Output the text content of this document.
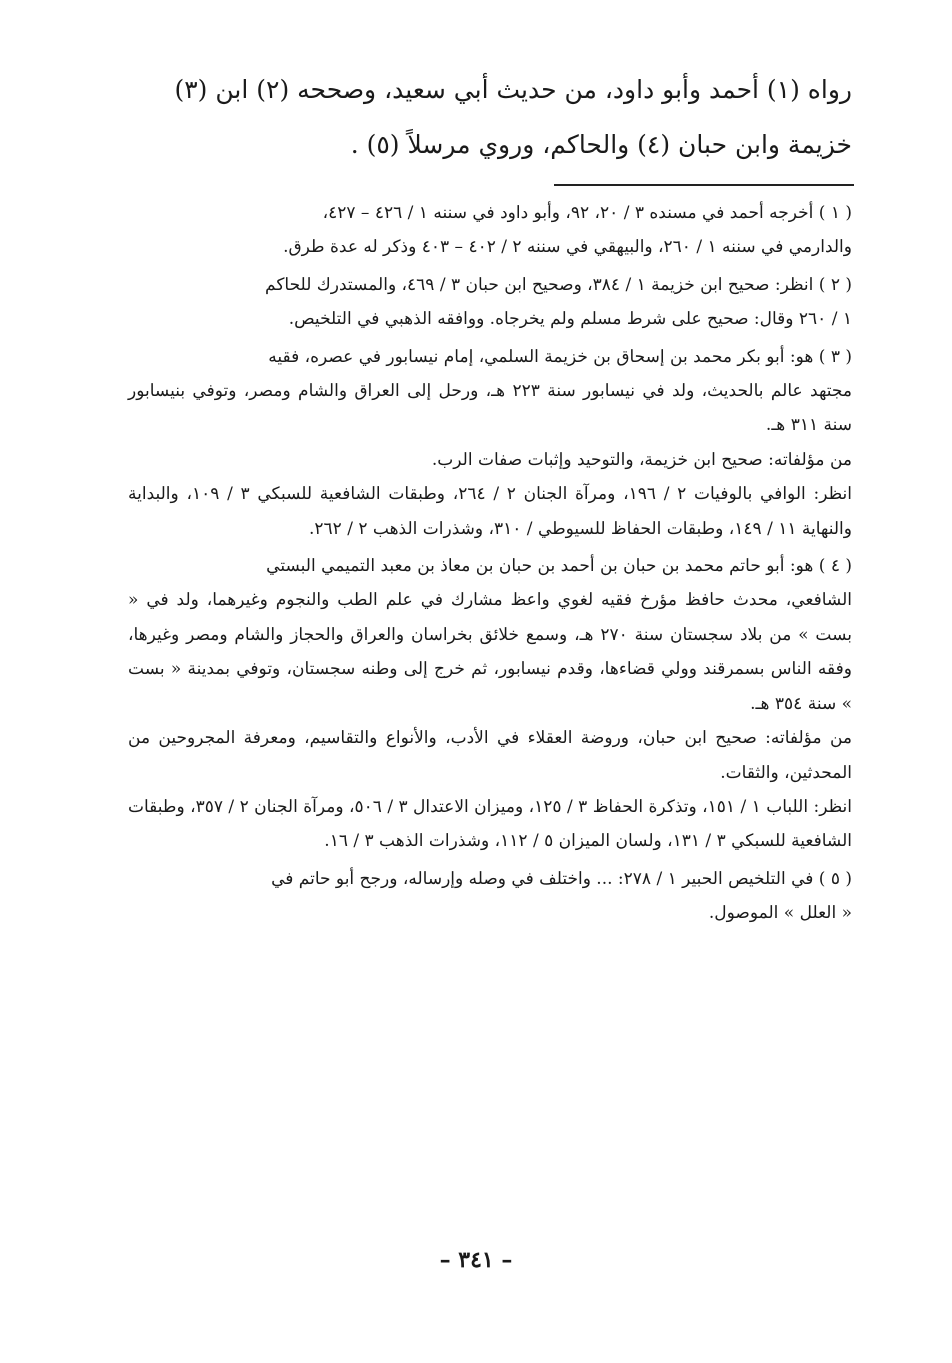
رواه (١) أحمد وأبو داود، من حديث أبي سعيد، وصححه (٢) ابن (٣)

خزيمة وابن حبان (٤) والحاكم، وروي مرسلاً (٥) .

( ١ ) أخرجه أحمد في مسنده ٣ / ٢٠، ٩٢، وأبو داود في سننه ١ / ٤٢٦ – ٤٢٧،

والدارمي في سننه ١ / ٢٦٠، والبيهقي في سننه ٢ / ٤٠٢ – ٤٠٣ وذكر له عدة طرق.

( ٢ ) انظر: صحيح ابن خزيمة ١ / ٣٨٤، وصحيح ابن حبان ٣ / ٤٦٩، والمستدرك للحاكم

١ / ٢٦٠ وقال: صحيح على شرط مسلم ولم يخرجاه. ووافقه الذهبي في التلخيص.

( ٣ ) هو: أبو بكر محمد بن إسحاق بن خزيمة السلمي، إمام نيسابور في عصره، فقيه

مجتهد عالم بالحديث، ولد في نيسابور سنة ٢٢٣ هـ، ورحل إلى العراق والشام ومصر، وتوفي بنيسابور سنة ٣١١ هـ.

من مؤلفاته: صحيح ابن خزيمة، والتوحيد وإثبات صفات الرب.

انظر: الوافي بالوفيات ٢ / ١٩٦، ومرآة الجنان ٢ / ٢٦٤، وطبقات الشافعية للسبكي ٣ / ١٠٩، والبداية والنهاية ١١ / ١٤٩، وطبقات الحفاظ للسيوطي / ٣١٠، وشذرات الذهب ٢ / ٢٦٢.

( ٤ ) هو: أبو حاتم محمد بن حبان بن أحمد بن حبان بن معاذ بن معبد التميمي البستي

الشافعي، محدث حافظ مؤرخ فقيه لغوي واعظ مشارك في علم الطب والنجوم وغيرهما، ولد في « بست » من بلاد سجستان سنة ٢٧٠ هـ، وسمع خلائق بخراسان والعراق والحجاز والشام ومصر وغيرها، وفقه الناس بسمرقند وولي قضاءها، وقدم نيسابور، ثم خرج إلى وطنه سجستان، وتوفي بمدينة « بست » سنة ٣٥٤ هـ.

من مؤلفاته: صحيح ابن حبان، وروضة العقلاء في الأدب، والأنواع والتقاسيم، ومعرفة المجروحين من المحدثين، والثقات.

انظر: اللباب ١ / ١٥١، وتذكرة الحفاظ ٣ / ١٢٥، وميزان الاعتدال ٣ / ٥٠٦، ومرآة الجنان ٢ / ٣٥٧، وطبقات الشافعية للسبكي ٣ / ١٣١، ولسان الميزان ٥ / ١١٢، وشذرات الذهب ٣ / ١٦.

( ٥ ) في التلخيص الحبير ١ / ٢٧٨: ... واختلف في وصله وإرساله، ورجح أبو حاتم في

« العلل » الموصول.

– ٣٤١ –
